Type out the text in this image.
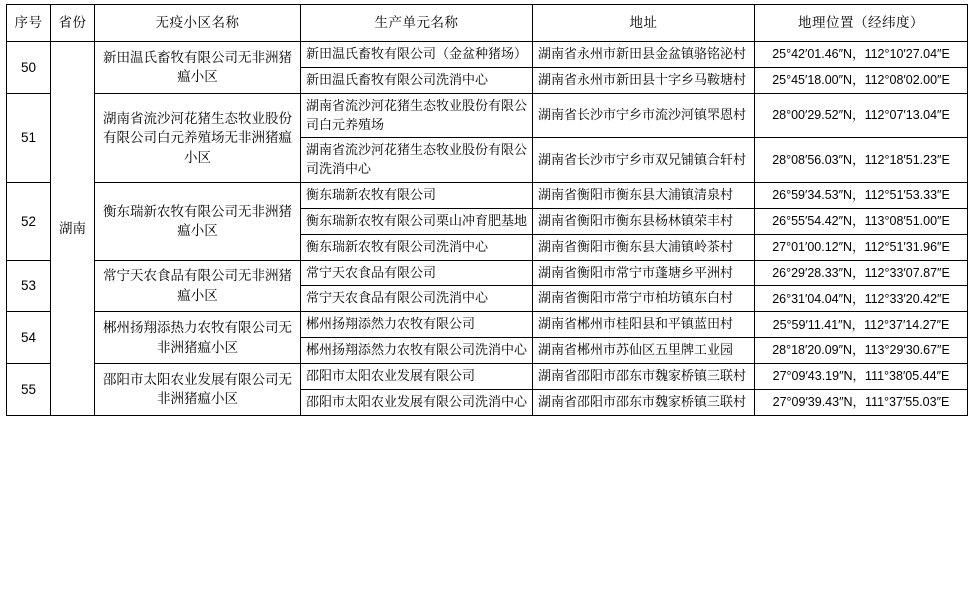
序号	省份	无疫小区名称	生产单元名称	地址	地理位置（经纬度）
50	湖南	新田温氏畜牧有限公司无非洲猪瘟小区	新田温氏畜牧有限公司（金盆种猪场）	湖南省永州市新田县金盆镇骆铭泌村	25°42′01.46″N，112°10′27.04″E
			新田温氏畜牧有限公司洗消中心	湖南省永州市新田县十字乡马鞍塘村	25°45′18.00″N，112°08′02.00″E
51		湖南省流沙河花猪生态牧业股份有限公司白元养殖场无非洲猪瘟小区	湖南省流沙河花猪生态牧业股份有限公司白元养殖场	湖南省长沙市宁乡市流沙河镇罘恩村	28°00′29.52″N，112°07′13.04″E
			湖南省流沙河花猪生态牧业股份有限公司洗消中心	湖南省长沙市宁乡市双兄铺镇合轩村	28°08′56.03″N，112°18′51.23″E
52		衡东瑞新农牧有限公司无非洲猪瘟小区	衡东瑞新农牧有限公司	湖南省衡阳市衡东县大浦镇清泉村	26°59′34.53″N，112°51′53.33″E
			衡东瑞新农牧有限公司栗山冲育肥基地	湖南省衡阳市衡东县杨林镇荣丰村	26°55′54.42″N，113°08′51.00″E
			衡东瑞新农牧有限公司洗消中心	湖南省衡阳市衡东县大浦镇岭茶村	27°01′00.12″N，112°51′31.96″E
53		常宁天农食品有限公司无非洲猪瘟小区	常宁天农食品有限公司	湖南省衡阳市常宁市蓬塘乡平洲村	26°29′28.33″N，112°33′07.87″E
			常宁天农食品有限公司洗消中心	湖南省衡阳市常宁市柏坊镇东白村	26°31′04.04″N，112°33′20.42″E
54		郴州扬翔添热力农牧有限公司无非洲猪瘟小区	郴州扬翔添然力农牧有限公司	湖南省郴州市桂阳县和平镇蓝田村	25°59′11.41″N，112°37′14.27″E
			郴州扬翔添然力农牧有限公司洗消中心	湖南省郴州市苏仙区五里牌工业园	28°18′20.09″N，113°29′30.67″E
55		邵阳市太阳农业发展有限公司无非洲猪瘟小区	邵阳市太阳农业发展有限公司	湖南省邵阳市邵东市魏家桥镇三联村	27°09′43.19″N，111°38′05.44″E
			邵阳市太阳农业发展有限公司洗消中心	湖南省邵阳市邵东市魏家桥镇三联村	27°09′39.43″N，111°37′55.03″E
